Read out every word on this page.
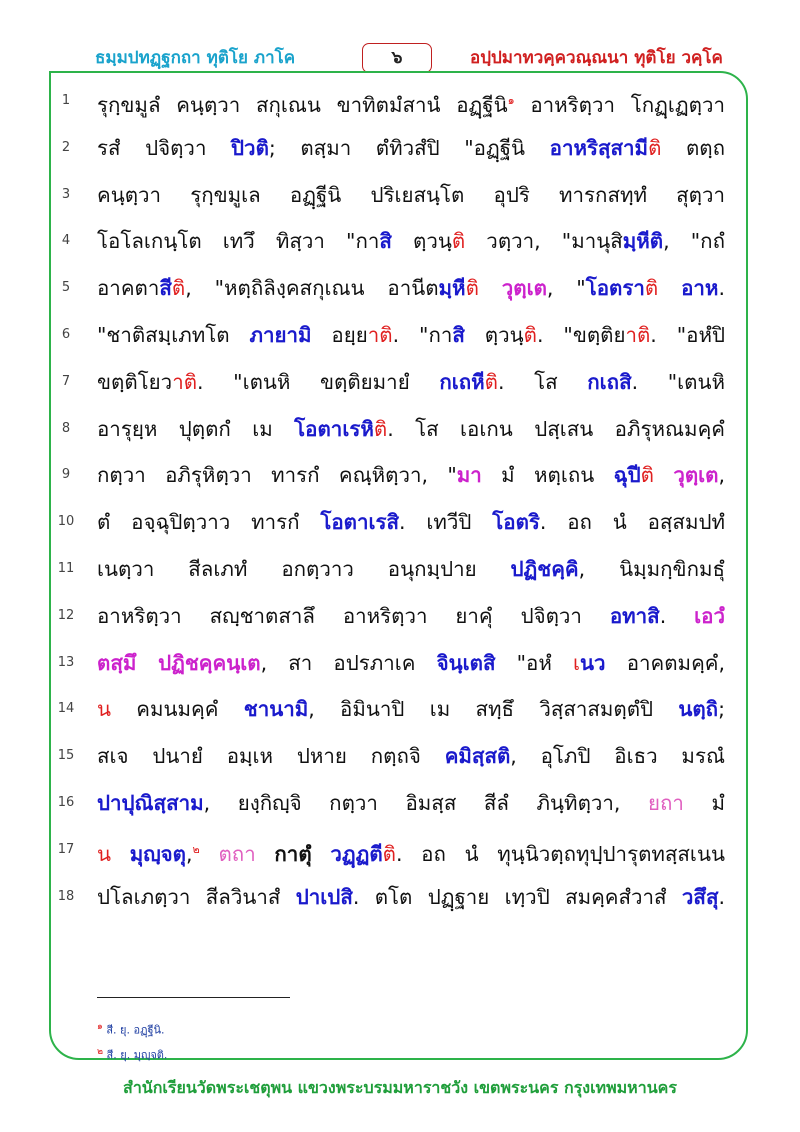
ธมฺมปทฏฺฐกถา ทุติโย ภาโค	๖	อปฺปมาทวคฺควณฺณนา ทุติโย วคฺโค
1	รุกฺขมูลํ คนฺตฺวา สกุเณน ขาทิตมํสานํ อฏฺฐีนิ$^๑$ อาหริตฺวา โกฏฺเฏตฺวา
2	รสํ ปจิตฺวา ปิวติ; ตสฺมา ตํทิวสํปิ "อฏฺฐีนิ อาหริสฺสามีติ ตตฺถ
3	คนฺตฺวา รุกฺขมูเล อฏฺฐีนิ ปริเยสนฺโต อุปริ ทารกสทฺทํ สุตฺวา
4	โอโลเกนฺโต เทวึ ทิสฺวา "กาสิ ตฺวนฺติ วตฺวา, "มานุสิมฺหีติ, "กถํ
5	อาคตาสีติ, "หตฺถิลิงฺคสกุเณน อานีตมฺหีติ วุตฺเต, "โอตราติ อาห.
6	"ชาติสมฺเภทโต ภายามิ อยฺยาติ. "กาสิ ตฺวนฺติ. "ขตฺติยาติ. "อหํปิ
7	ขตฺติโยวาติ. "เตนหิ ขตฺติยมายํ กเถหีติ. โส กเถสิ. "เตนหิ
8	อารุยฺห ปุตฺตกํ เม โอตาเรหิติ. โส เอเกน ปสฺเสน อภิรุหณมคฺคํ
9	กตฺวา อภิรุหิตฺวา ทารกํ คณฺหิตฺวา, "มา มํ หตฺเถน ฉุปีติ วุตฺเต,
10	ตํ อจฺฉุปิตฺวาว ทารกํ โอตาเรสิ. เทวีปิ โอตริ. อถ นํ อสฺสมปทํ
11	เนตฺวา สีลเภทํ อกตฺวาว อนุกมฺปาย ปฏิชคฺคิ, นิมฺมกฺขิกมธุํ
12	อาหริตฺวา สญฺชาตสาลึ อาหริตฺวา ยาคุํ ปจิตฺวา อทาสิ. เอวํ
13	ตสฺมึ ปฏิชคฺคนฺเต, สา อปรภาเค จินฺเตสิ "อหํ เนว อาคตมคฺคํ,
14	น คมนมคฺคํ ชานามิ, อิมินาปิ เม สทฺธึ วิสฺสาสมตฺตํปิ นตฺถิ;
15	สเจ ปนายํ อมฺเห ปหาย กตฺถจิ คมิสฺสติ, อุโภปิ อิเธว มรณํ
16	ปาปุณิสฺสาม, ยงฺกิญฺจิ กตฺวา อิมสฺส สีลํ ภินฺทิตฺวา, ยถา มํ
17	น มุญฺจตุ,$^๒$ ตถา กาตุํ วฏฺฏตีติ. อถ นํ ทุนฺนิวตฺถทุปฺปารุตทสฺสเนน
18	ปโลเภตฺวา สีลวินาสํ ปาเปสิ. ตโต ปฏฺฐาย เทฺวปิ สมคฺคสํวาสํ วสึสุ.
$^๑$ สี. ยุ. อฏฺฐีนิ.
$^๒$ สี. ยุ. มุญฺจติ.
สำนักเรียนวัดพระเชตุพน แขวงพระบรมมหาราชวัง เขตพระนคร กรุงเทพมหานคร
